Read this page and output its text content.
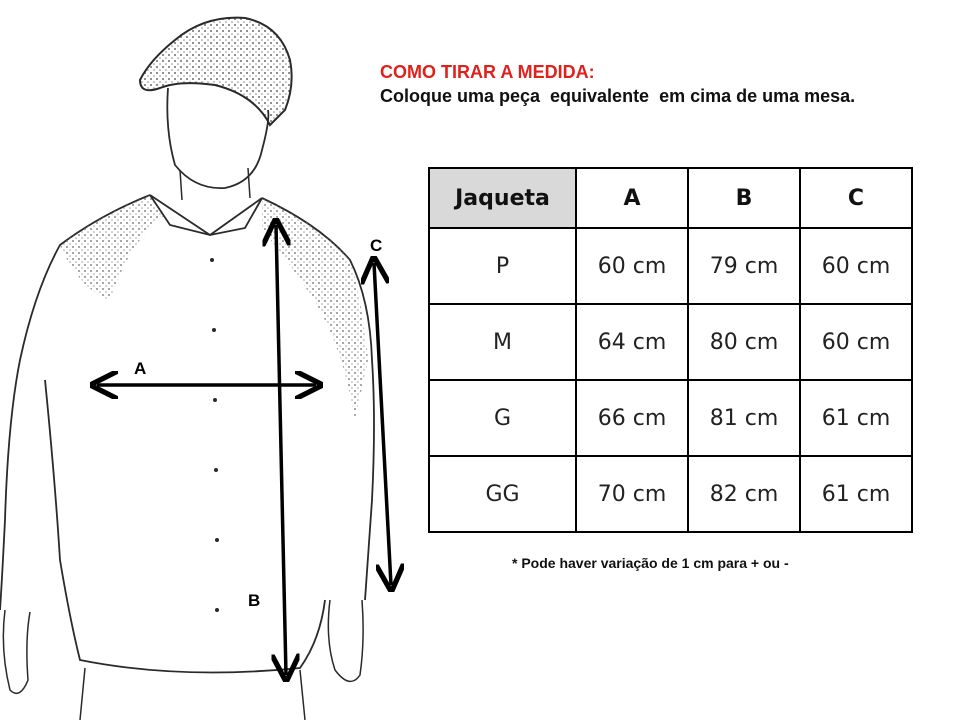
A
B
C
COMO TIRAR A MEDIDA:
Coloque uma peça  equivalente  em cima de uma mesa.
Jaqueta	A	B	C
P	60 cm	79 cm	60 cm
M	64 cm	80 cm	60 cm
G	66 cm	81 cm	61 cm
GG	70 cm	82 cm	61 cm
* Pode haver variação de 1 cm para + ou -
